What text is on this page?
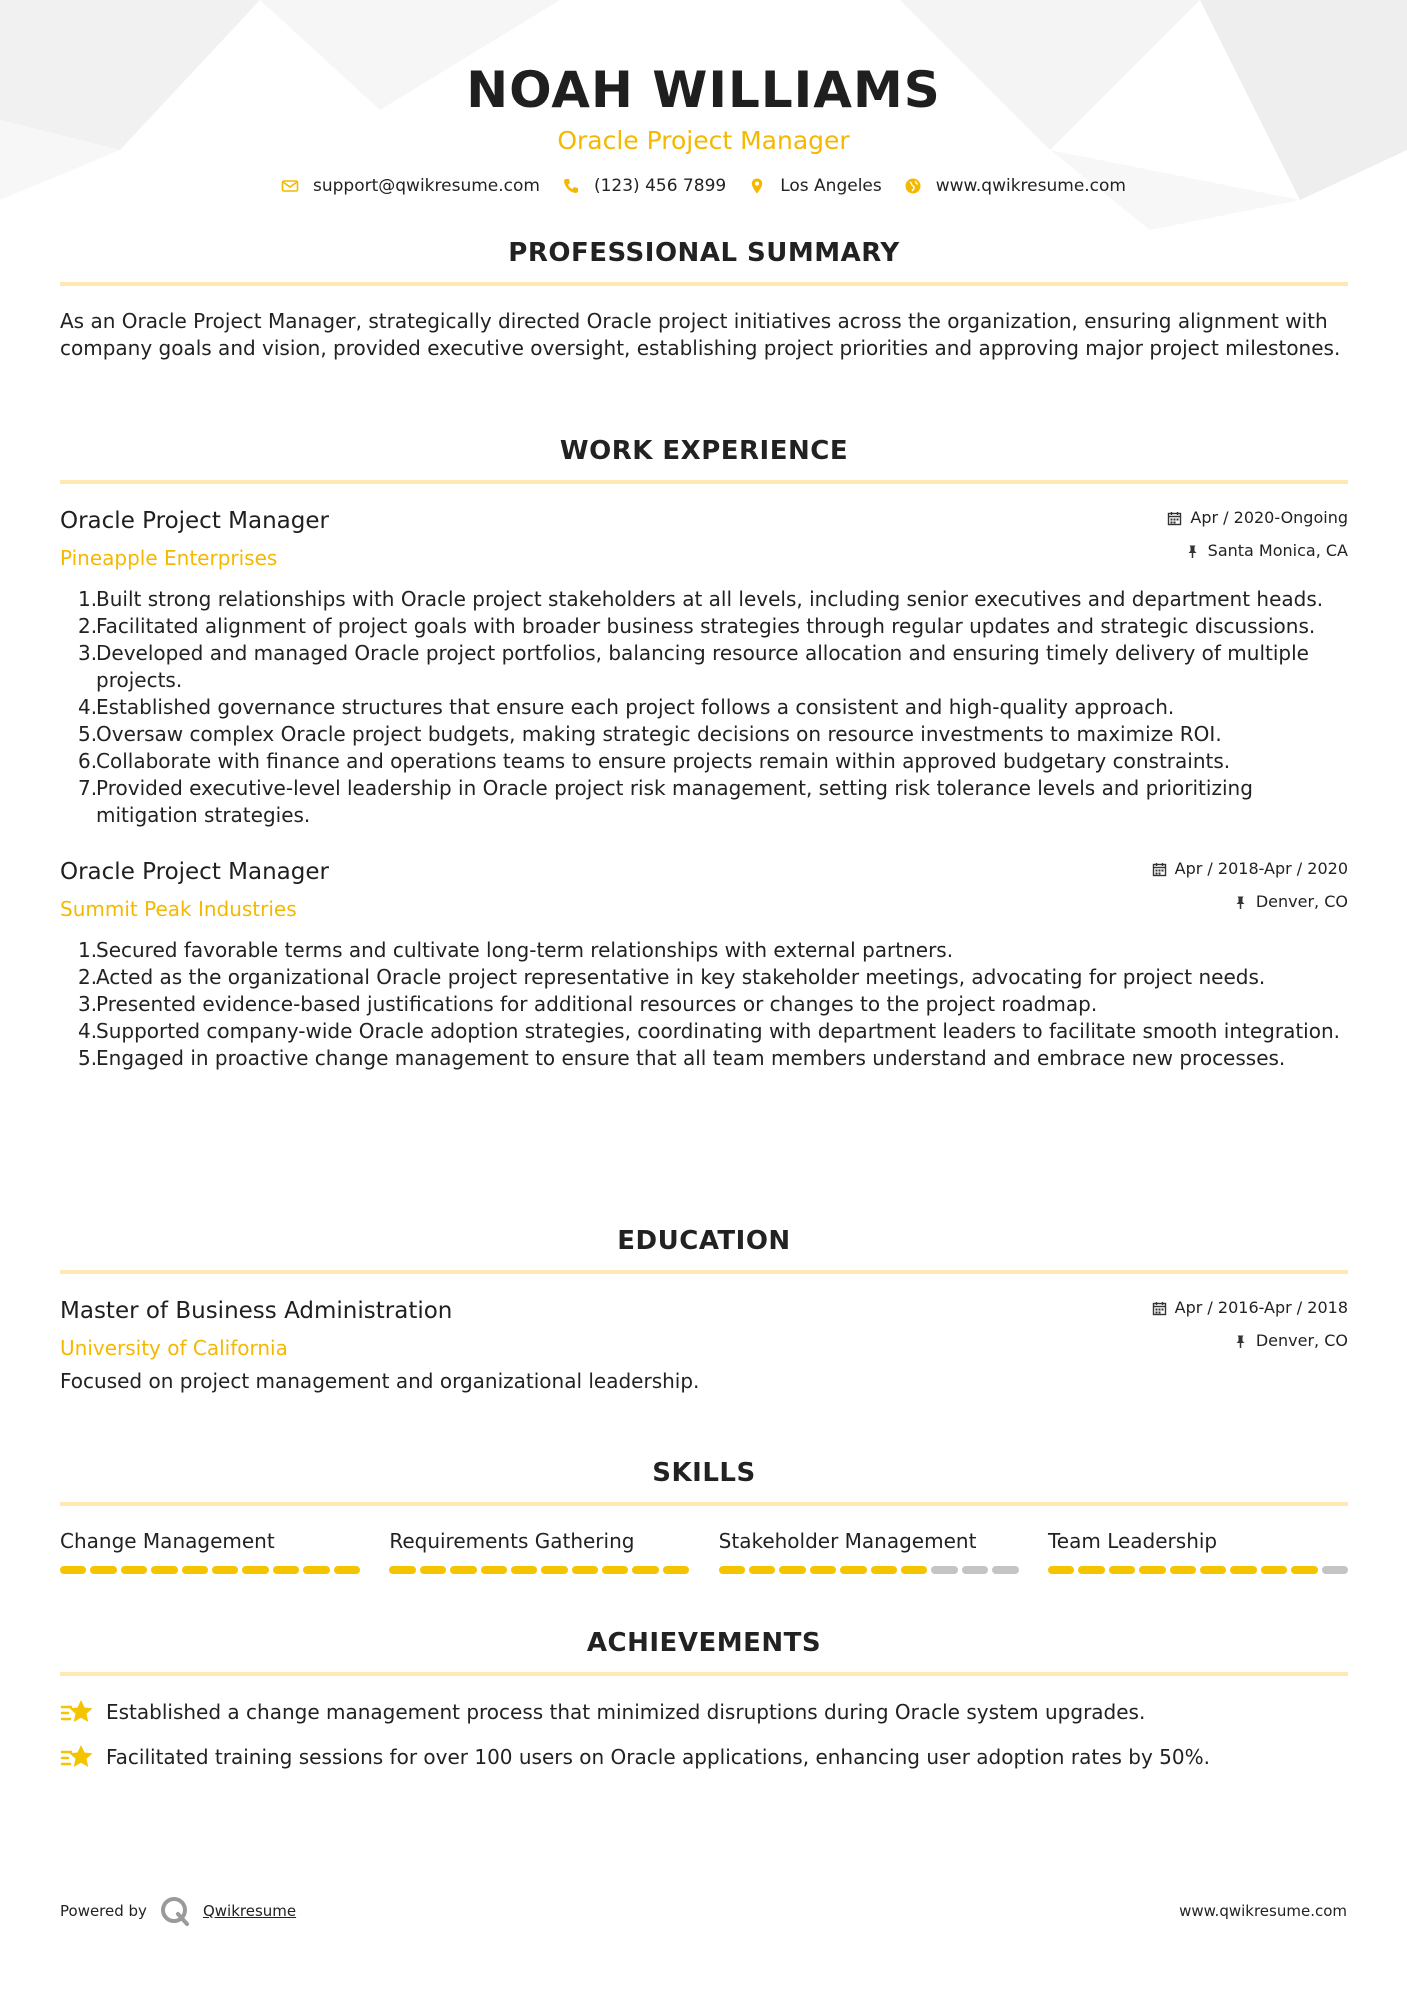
NOAH WILLIAMS
Oracle Project Manager
support@qwikresume.com	(123) 456 7899	Los Angeles	www.qwikresume.com
PROFESSIONAL SUMMARY

As an Oracle Project Manager, strategically directed Oracle project initiatives across the organization, ensuring alignment with company goals and vision, provided executive oversight, establishing project priorities and approving major project milestones.

WORK EXPERIENCE
Oracle Project Manager
Pineapple Enterprises
Apr / 2020-Ongoing
Santa Monica, CA
1.
Built strong relationships with Oracle project stakeholders at all levels, including senior executives and department heads.
2.
Facilitated alignment of project goals with broader business strategies through regular updates and strategic discussions.
3.
Developed and managed Oracle project portfolios, balancing resource allocation and ensuring timely delivery of multiple projects.
4.
Established governance structures that ensure each project follows a consistent and high-quality approach.
5.
Oversaw complex Oracle project budgets, making strategic decisions on resource investments to maximize ROI.
6.
Collaborate with finance and operations teams to ensure projects remain within approved budgetary constraints.
7.
Provided executive-level leadership in Oracle project risk management, setting risk tolerance levels and prioritizing mitigation strategies.
Oracle Project Manager
Summit Peak Industries
Apr / 2018-Apr / 2020
Denver, CO
1.
Secured favorable terms and cultivate long-term relationships with external partners.
2.
Acted as the organizational Oracle project representative in key stakeholder meetings, advocating for project needs.
3.
Presented evidence-based justifications for additional resources or changes to the project roadmap.
4.
Supported company-wide Oracle adoption strategies, coordinating with department leaders to facilitate smooth integration.
5.
Engaged in proactive change management to ensure that all team members understand and embrace new processes.
EDUCATION
Master of Business Administration
University of California
Apr / 2016-Apr / 2018
Denver, CO

Focused on project management and organizational leadership.

SKILLS
Change Management	Requirements Gathering	Stakeholder Management	Team Leadership
ACHIEVEMENTS
Established a change management process that minimized disruptions during Oracle system upgrades.
Facilitated training sessions for over 100 users on Oracle applications, enhancing user adoption rates by 50%.
Powered by	Qwikresume	www.qwikresume.com
